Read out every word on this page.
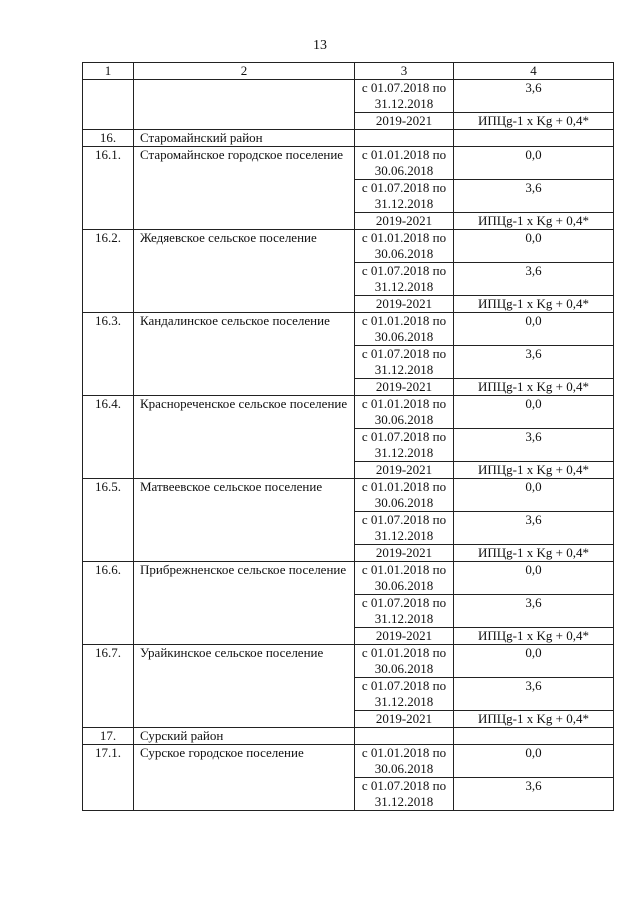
13
1	2	3	4
		с 01.07.2018 по 31.12.2018	3,6
		2019-2021	ИПЦg-1 x Kg + 0,4*
16.	Старомайнский район		
16.1.	Старомайнское городское поселение	с 01.01.2018 по 30.06.2018	0,0
		с 01.07.2018 по 31.12.2018	3,6
		2019-2021	ИПЦg-1 x Kg + 0,4*
16.2.	Жедяевское сельское поселение	с 01.01.2018 по 30.06.2018	0,0
		с 01.07.2018 по 31.12.2018	3,6
		2019-2021	ИПЦg-1 x Kg + 0,4*
16.3.	Кандалинское сельское поселение	с 01.01.2018 по 30.06.2018	0,0
		с 01.07.2018 по 31.12.2018	3,6
		2019-2021	ИПЦg-1 x Kg + 0,4*
16.4.	Краснореченское сельское поселение	с 01.01.2018 по 30.06.2018	0,0
		с 01.07.2018 по 31.12.2018	3,6
		2019-2021	ИПЦg-1 x Kg + 0,4*
16.5.	Матвеевское сельское поселение	с 01.01.2018 по 30.06.2018	0,0
		с 01.07.2018 по 31.12.2018	3,6
		2019-2021	ИПЦg-1 x Kg + 0,4*
16.6.	Прибрежненское сельское поселение	с 01.01.2018 по 30.06.2018	0,0
		с 01.07.2018 по 31.12.2018	3,6
		2019-2021	ИПЦg-1 x Kg + 0,4*
16.7.	Урайкинское сельское поселение	с 01.01.2018 по 30.06.2018	0,0
		с 01.07.2018 по 31.12.2018	3,6
		2019-2021	ИПЦg-1 x Kg + 0,4*
17.	Сурский район		
17.1.	Сурское городское поселение	с 01.01.2018 по 30.06.2018	0,0
		с 01.07.2018 по 31.12.2018	3,6
